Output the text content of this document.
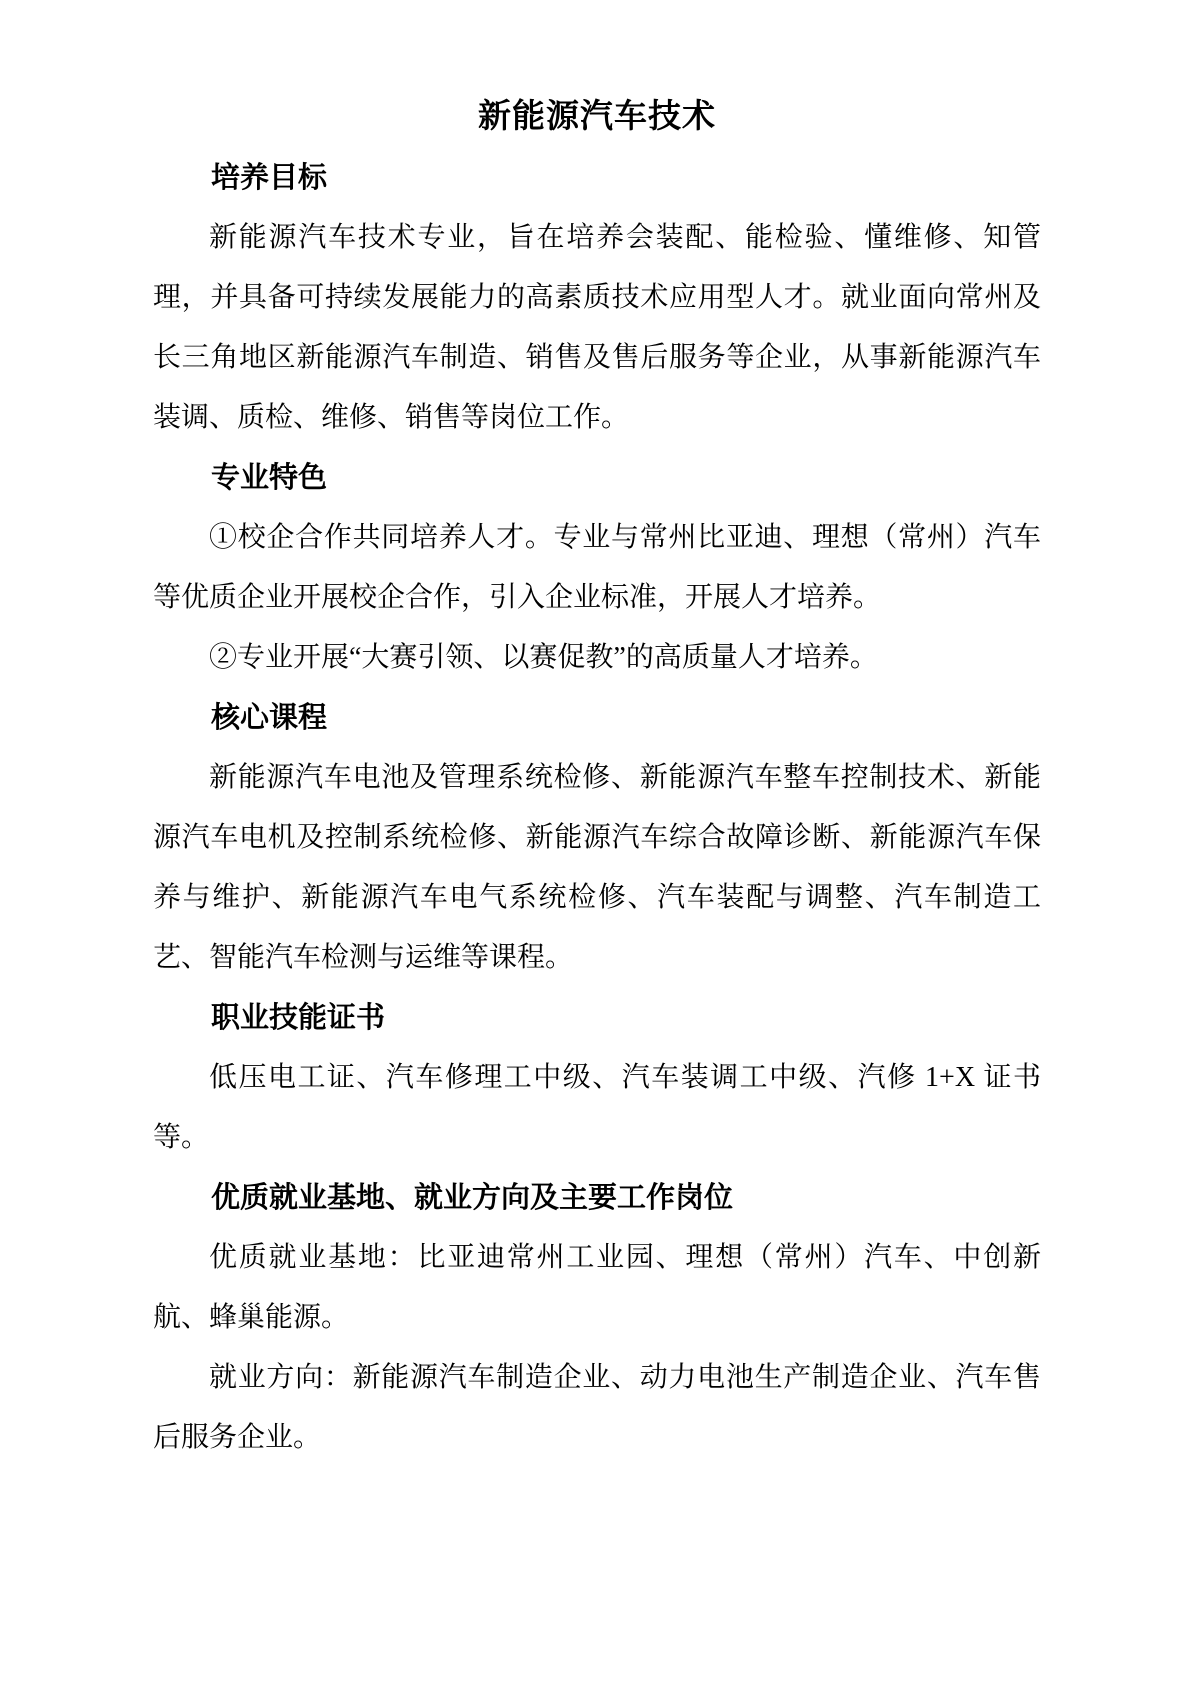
新能源汽车技术
培养目标

新能源汽车技术专业，旨在培养会装配、能检验、懂维修、知管理，并具备可持续发展能力的高素质技术应用型人才。就业面向常州及长三角地区新能源汽车制造、销售及售后服务等企业，从事新能源汽车装调、质检、维修、销售等岗位工作。

专业特色

①校企合作共同培养人才。专业与常州比亚迪、理想（常州）汽车等优质企业开展校企合作，引入企业标准，开展人才培养。

②专业开展“大赛引领、以赛促教”的高质量人才培养。

核心课程

新能源汽车电池及管理系统检修、新能源汽车整车控制技术、新能源汽车电机及控制系统检修、新能源汽车综合故障诊断、新能源汽车保养与维护、新能源汽车电气系统检修、汽车装配与调整、汽车制造工艺、智能汽车检测与运维等课程。

职业技能证书

低压电工证、汽车修理工中级、汽车装调工中级、汽修 1+X 证书等。

优质就业基地、就业方向及主要工作岗位

优质就业基地：比亚迪常州工业园、理想（常州）汽车、中创新航、蜂巢能源。

就业方向：新能源汽车制造企业、动力电池生产制造企业、汽车售后服务企业。
